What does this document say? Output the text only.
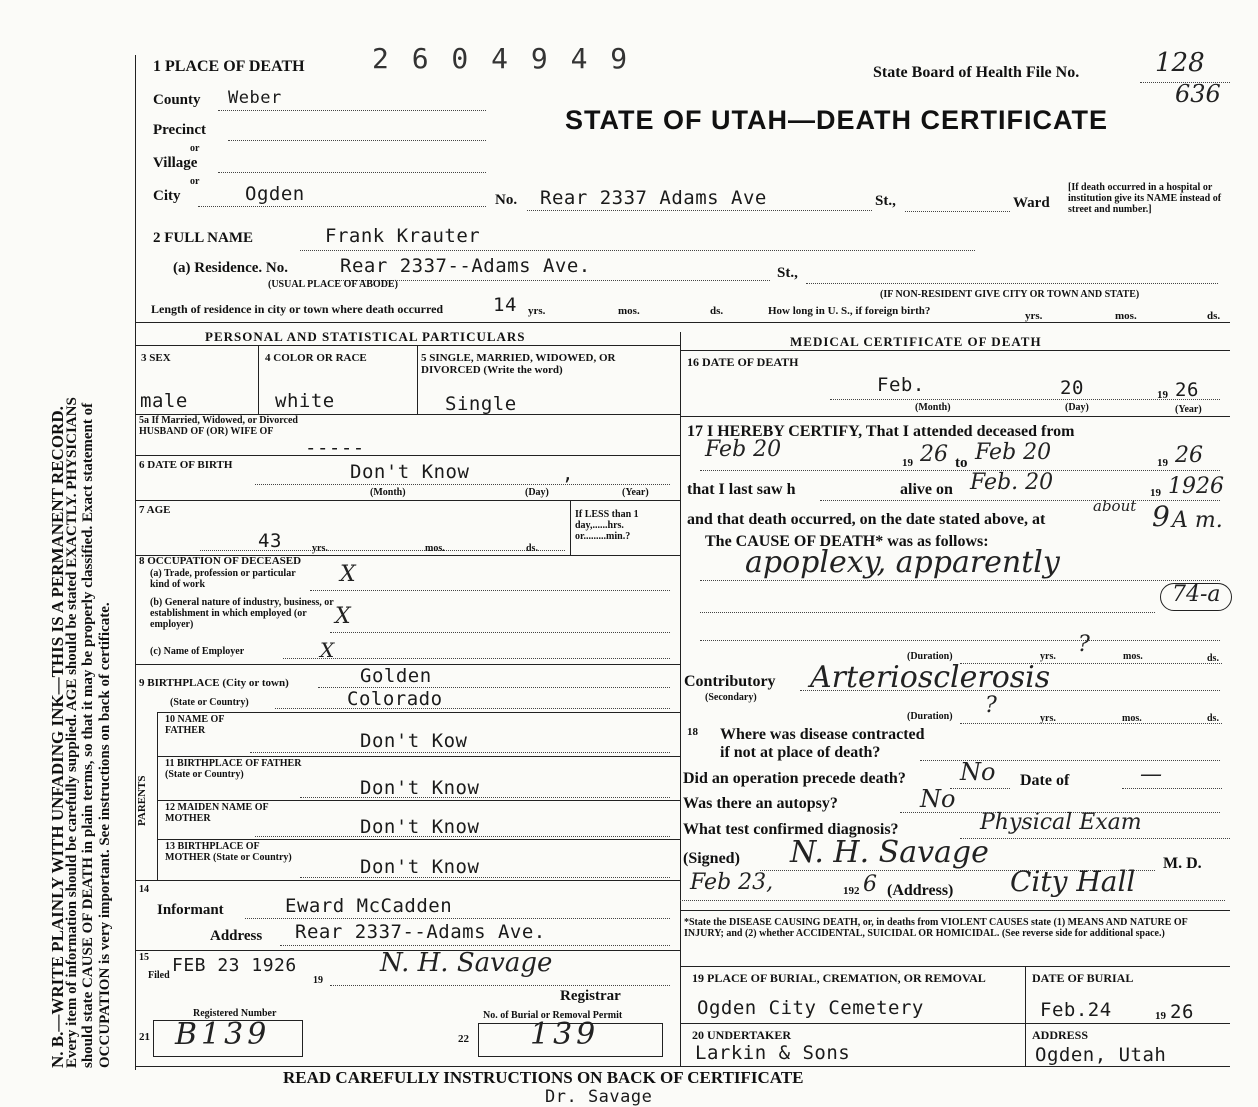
N. B.—WRITE PLAINLY WITH UNFADING INK—THIS IS A PERMANENT RECORD.
Every item of information should be carefully supplied. AGE should be stated EXACTLY. PHYSICIANS should state CAUSE OF DEATH in plain terms, so that it may be properly classified. Exact statement of OCCUPATION is very important. See instructions on back of certificate.
1 PLACE OF DEATH 2 6 0 4 9 4 9	State Board of Health File No.	128
636
STATE OF UTAH—DEATH CERTIFICATE
County Weber
Precinct
or
Village
or
City	Ogden	No. Rear 2337 Adams Ave	St.,	Ward
[If death occurred in a hospital or institution give its NAME instead of street and number.]
2 FULL NAME	Frank Krauter
(a) Residence. No.	Rear 2337--Adams Ave.	St.,
(USUAL PLACE OF ABODE)
(IF NON-RESIDENT GIVE CITY OR TOWN AND STATE)
Length of residence in city or town where death occurred	14 yrs.	mos.	ds.	How long in U. S., if foreign birth?	yrs.	mos.	ds.
PERSONAL AND STATISTICAL PARTICULARS
3 SEX	4 COLOR OR RACE	5 SINGLE, MARRIED, WIDOWED, OR DIVORCED (Write the word)
male	white	Single
5a If Married, Widowed, or Divorced HUSBAND OF (OR) WIFE OF
-----
6 DATE OF BIRTH	Don't Know	,
(Month)	(Day)	(Year)
7 AGE
43	yrs.	mos.	ds.
If LESS than 1 day,......hrs. or.........min.?
8 OCCUPATION OF DECEASED
(a) Trade, profession or particular kind of work	X
(b) General nature of industry, business, or establishment in which employed (or employer)	X
(c) Name of Employer	X
9 BIRTHPLACE (City or town)	Golden
(State or Country)	Colorado
PARENTS
10 NAME OF FATHER	Don't Kow
11 BIRTHPLACE OF FATHER (State or Country)
Don't Know
12 MAIDEN NAME OF MOTHER	Don't Know
13 BIRTHPLACE OF MOTHER (State or Country)	Don't Know
14
Informant	Eward McCadden
Address Rear 2337--Adams Ave.
15
Filed FEB 23 1926
19
N. H. Savage
Registrar
Registered Number	No. of Burial or Removal Permit
21 B139	22 139
MEDICAL CERTIFICATE OF DEATH
16 DATE OF DEATH
Feb.	20	19 26
(Month)	(Day)	(Year)
17 I HEREBY CERTIFY, That I attended deceased from
Feb 20
19 26 to Feb 20	19 26
that I last saw h	alive on Feb. 20	19 1926
and that death occurred, on the date stated above, at
about 9 A m.
The CAUSE OF DEATH* was as follows:
apoplexy, apparently
74-a
(Duration)	?
yrs.	mos.	ds.
Contributory
(Secondary)
Arteriosclerosis
(Duration) ?
yrs.	mos.	ds.
18 Where was disease contracted
if not at place of death?
Did an operation precede death? No Date of	—
Was there an autopsy?	No
What test confirmed diagnosis?	Physical Exam
(Signed) N. H. Savage	M. D.
Feb 23,	192 6 (Address) City Hall
*State the DISEASE CAUSING DEATH, or, in deaths from VIOLENT CAUSES state (1) MEANS AND NATURE OF INJURY; and (2) whether ACCIDENTAL, SUICIDAL OR HOMICIDAL. (See reverse side for additional space.)
19 PLACE OF BURIAL, CREMATION, OR REMOVAL	DATE OF BURIAL
Ogden City Cemetery	Feb.24	19 26
20 UNDERTAKER	ADDRESS
Larkin & Sons	Ogden, Utah
READ CAREFULLY INSTRUCTIONS ON BACK OF CERTIFICATE
Dr. Savage
